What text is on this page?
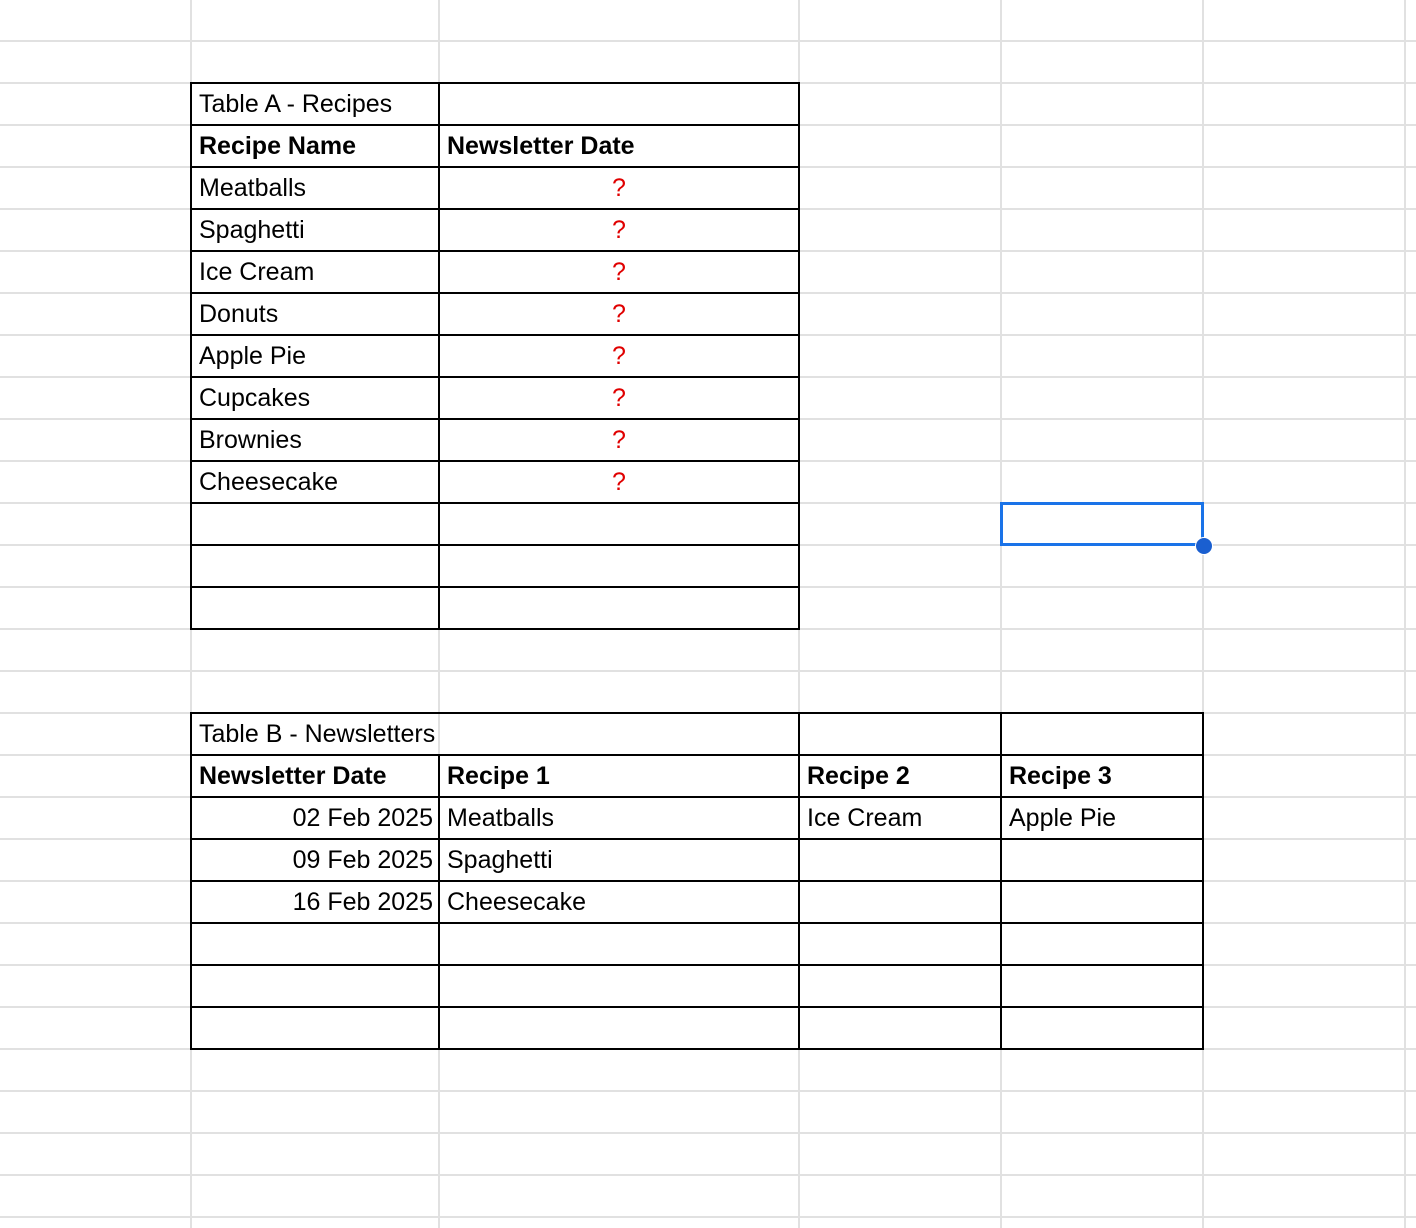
Table A - Recipes	
Recipe Name	Newsletter Date
Meatballs	?
Spaghetti	?
Ice Cream	?
Donuts	?
Apple Pie	?
Cupcakes	?
Brownies	?
Cheesecake	?

Table B - Newsletters			
Newsletter Date	Recipe 1	Recipe 2	Recipe 3
02 Feb 2025	Meatballs	Ice Cream	Apple Pie
09 Feb 2025	Spaghetti		
16 Feb 2025	Cheesecake		
